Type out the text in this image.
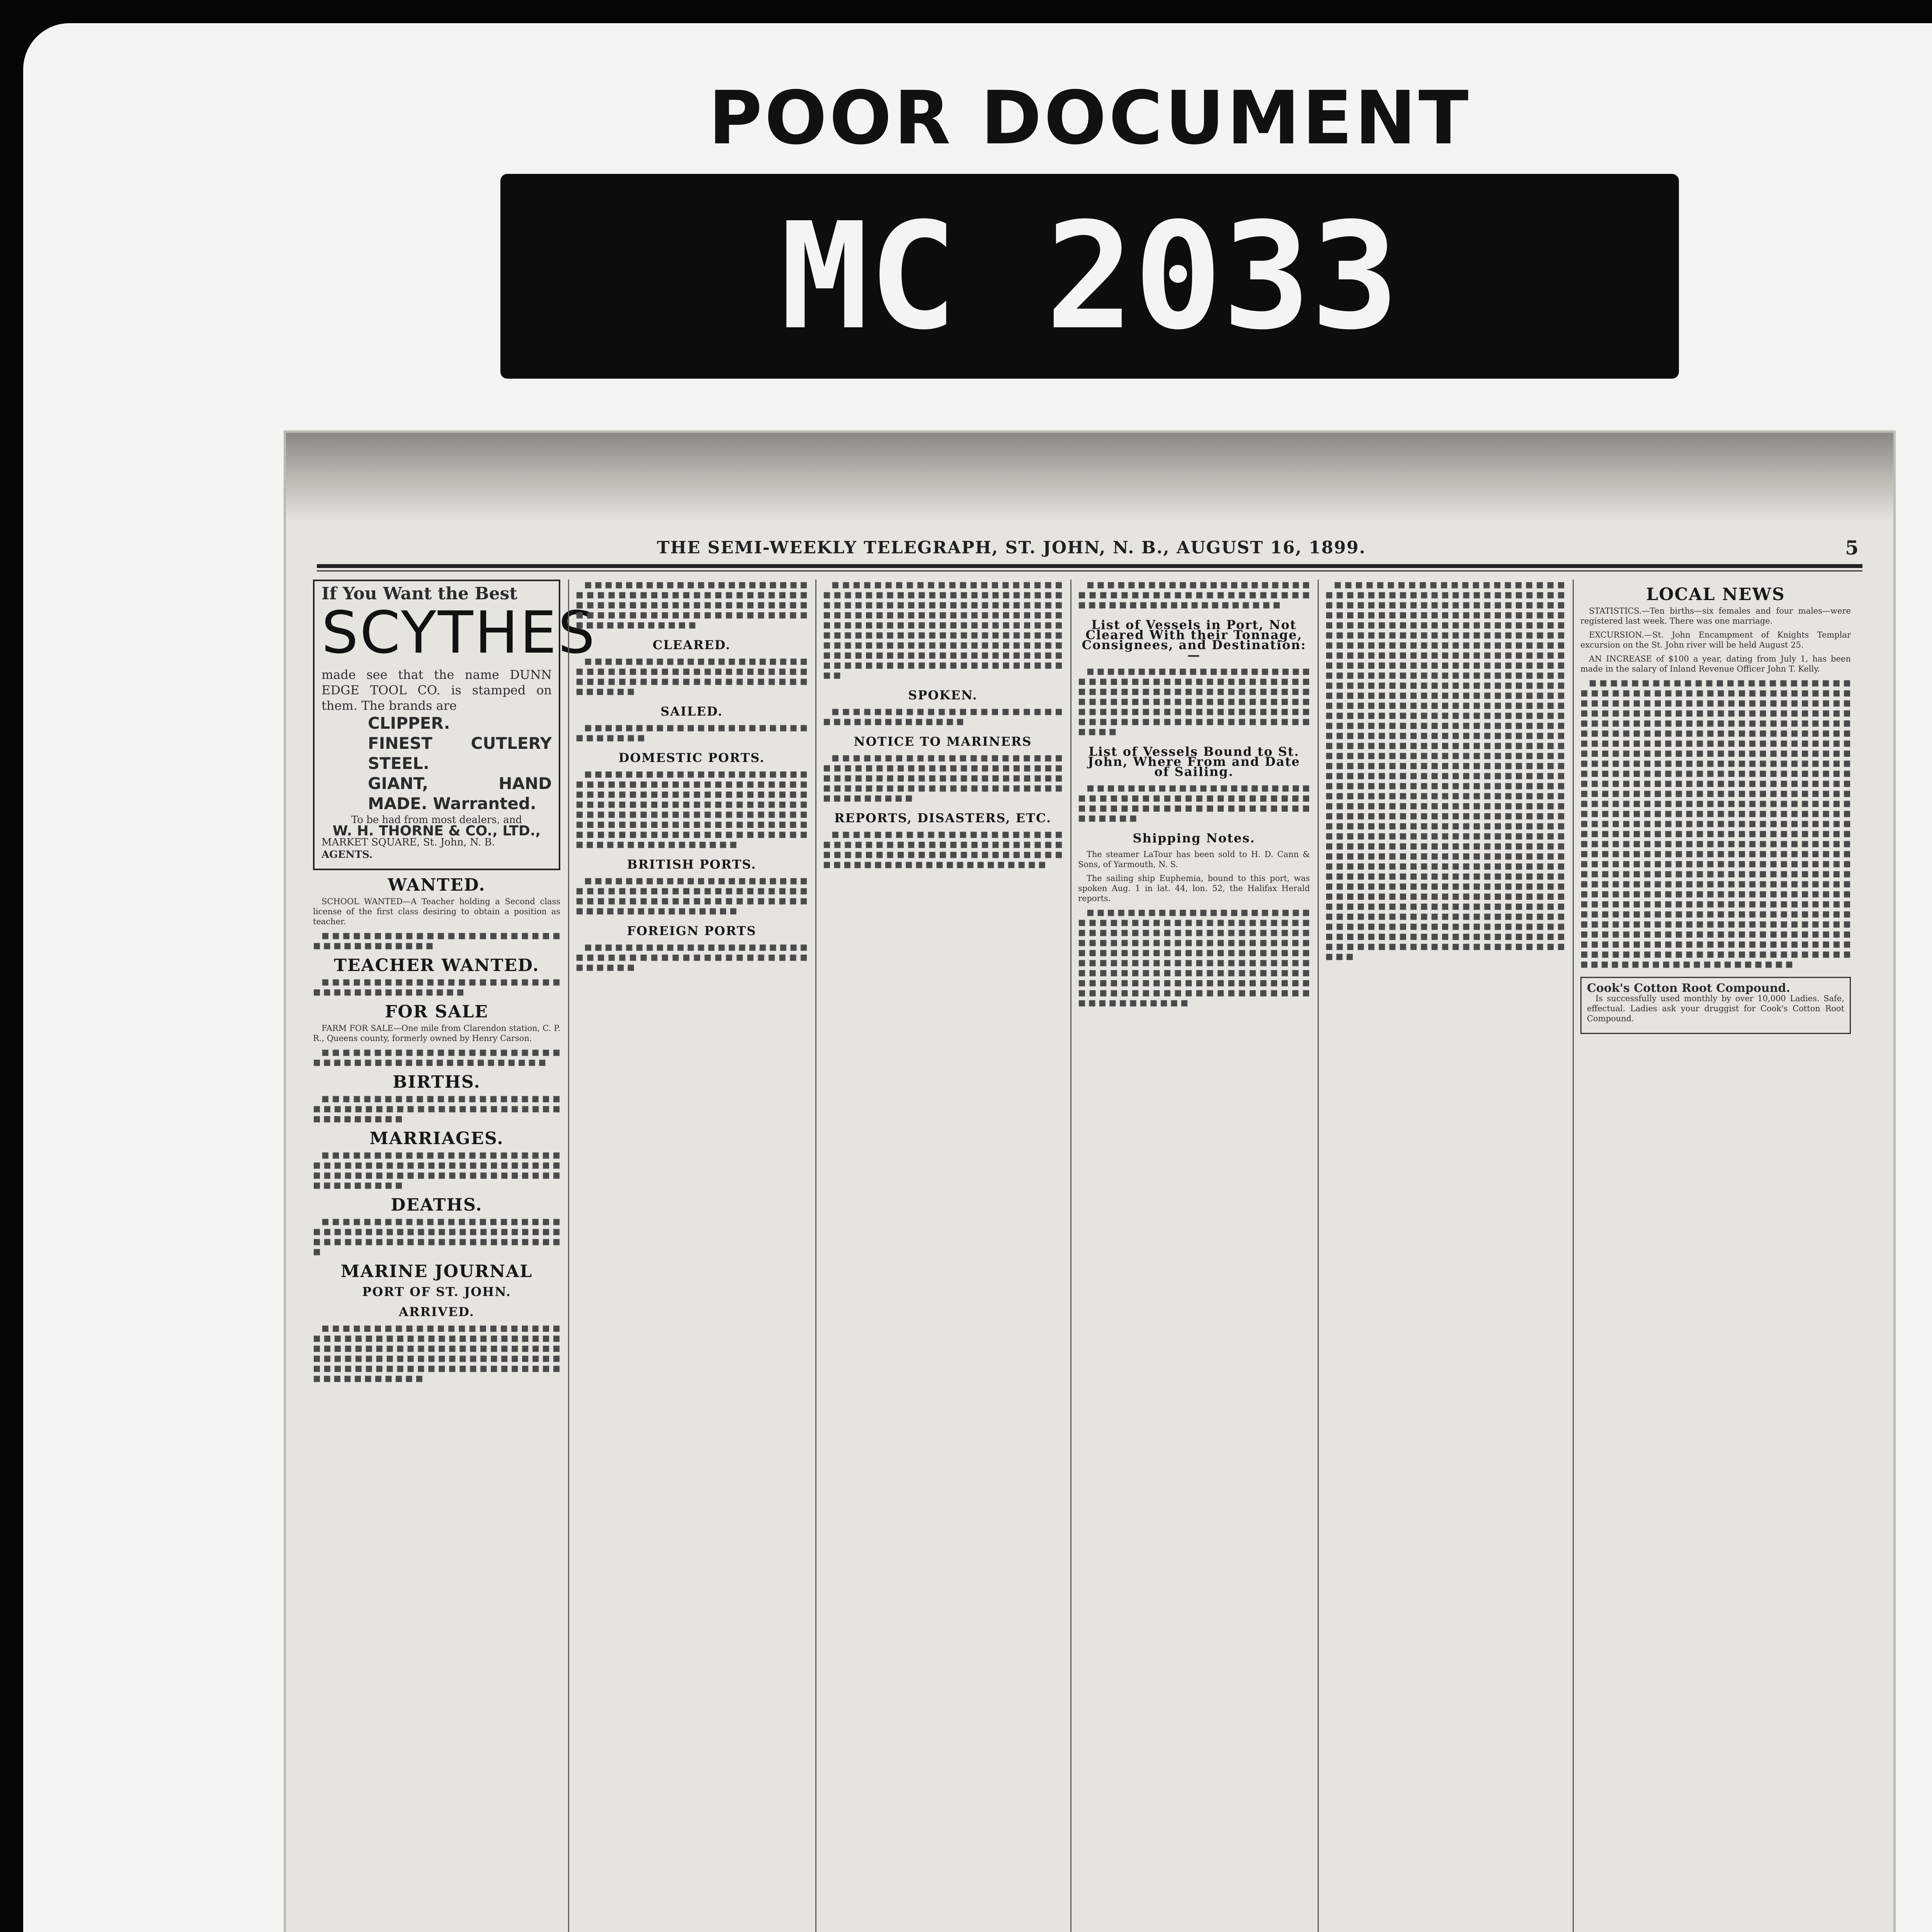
POOR DOCUMENT
MC 2033
THE SEMI-WEEKLY TELEGRAPH, ST. JOHN, N. B., AUGUST 16, 1899.	5
If You Want the Best
SCYTHES
made see that the name DUNN EDGE TOOL CO. is stamped on them. The brands are
CLIPPER.
FINEST CUTLERY STEEL.
GIANT, HAND MADE. Warranted.
To be had from most dealers, and
W. H. THORNE & CO., LTD.,
MARKET SQUARE, St. John, N. B.
AGENTS.
WANTED.
SCHOOL WANTED—A Teacher holding a Second class license of the first class desiring to obtain a position as teacher.
■ ■ ■ ■ ■ ■ ■ ■ ■ ■ ■ ■ ■ ■ ■ ■ ■ ■ ■ ■ ■ ■ ■ ■ ■ ■ ■ ■ ■ ■ ■ ■ ■ ■ ■
TEACHER WANTED.
■ ■ ■ ■ ■ ■ ■ ■ ■ ■ ■ ■ ■ ■ ■ ■ ■ ■ ■ ■ ■ ■ ■ ■ ■ ■ ■ ■ ■ ■ ■ ■ ■ ■ ■ ■ ■ ■
FOR SALE
FARM FOR SALE—One mile from Clarendon station, C. P. R., Queens county, formerly owned by Henry Carson.
■ ■ ■ ■ ■ ■ ■ ■ ■ ■ ■ ■ ■ ■ ■ ■ ■ ■ ■ ■ ■ ■ ■ ■ ■ ■ ■ ■ ■ ■ ■ ■ ■ ■ ■ ■ ■ ■ ■ ■ ■ ■ ■ ■ ■ ■
BIRTHS.
■ ■ ■ ■ ■ ■ ■ ■ ■ ■ ■ ■ ■ ■ ■ ■ ■ ■ ■ ■ ■ ■ ■ ■ ■ ■ ■ ■ ■ ■ ■ ■ ■ ■ ■ ■ ■ ■ ■ ■ ■ ■ ■ ■ ■ ■ ■ ■ ■ ■ ■ ■ ■ ■ ■ ■
MARRIAGES.
■ ■ ■ ■ ■ ■ ■ ■ ■ ■ ■ ■ ■ ■ ■ ■ ■ ■ ■ ■ ■ ■ ■ ■ ■ ■ ■ ■ ■ ■ ■ ■ ■ ■ ■ ■ ■ ■ ■ ■ ■ ■ ■ ■ ■ ■ ■ ■ ■ ■ ■ ■ ■ ■ ■ ■ ■ ■ ■ ■ ■ ■ ■ ■ ■ ■ ■ ■ ■ ■ ■ ■ ■ ■ ■ ■ ■ ■ ■ ■
DEATHS.
■ ■ ■ ■ ■ ■ ■ ■ ■ ■ ■ ■ ■ ■ ■ ■ ■ ■ ■ ■ ■ ■ ■ ■ ■ ■ ■ ■ ■ ■ ■ ■ ■ ■ ■ ■ ■ ■ ■ ■ ■ ■ ■ ■ ■ ■ ■ ■ ■ ■ ■ ■ ■ ■ ■ ■ ■ ■ ■ ■ ■ ■ ■ ■ ■ ■ ■ ■ ■ ■ ■ ■
MARINE JOURNAL
PORT OF ST. JOHN.
ARRIVED.
■ ■ ■ ■ ■ ■ ■ ■ ■ ■ ■ ■ ■ ■ ■ ■ ■ ■ ■ ■ ■ ■ ■ ■ ■ ■ ■ ■ ■ ■ ■ ■ ■ ■ ■ ■ ■ ■ ■ ■ ■ ■ ■ ■ ■ ■ ■ ■ ■ ■ ■ ■ ■ ■ ■ ■ ■ ■ ■ ■ ■ ■ ■ ■ ■ ■ ■ ■ ■ ■ ■ ■ ■ ■ ■ ■ ■ ■ ■ ■ ■ ■ ■ ■ ■ ■ ■ ■ ■ ■ ■ ■ ■ ■ ■ ■ ■ ■ ■ ■ ■ ■ ■ ■ ■ ■ ■ ■ ■ ■ ■ ■ ■ ■ ■ ■ ■ ■ ■ ■ ■ ■ ■ ■ ■ ■ ■ ■ ■ ■
■ ■ ■ ■ ■ ■ ■ ■ ■ ■ ■ ■ ■ ■ ■ ■ ■ ■ ■ ■ ■ ■ ■ ■ ■ ■ ■ ■ ■ ■ ■ ■ ■ ■ ■ ■ ■ ■ ■ ■ ■ ■ ■ ■ ■ ■ ■ ■ ■ ■ ■ ■ ■ ■ ■ ■ ■ ■ ■ ■ ■ ■ ■ ■ ■ ■ ■ ■ ■ ■ ■ ■ ■ ■ ■ ■ ■ ■ ■ ■ ■ ■ ■ ■ ■ ■ ■ ■ ■ ■ ■ ■ ■ ■ ■ ■ ■ ■ ■ ■
CLEARED.
■ ■ ■ ■ ■ ■ ■ ■ ■ ■ ■ ■ ■ ■ ■ ■ ■ ■ ■ ■ ■ ■ ■ ■ ■ ■ ■ ■ ■ ■ ■ ■ ■ ■ ■ ■ ■ ■ ■ ■ ■ ■ ■ ■ ■ ■ ■ ■ ■ ■ ■ ■ ■ ■ ■ ■ ■ ■ ■ ■ ■ ■ ■ ■ ■ ■ ■ ■ ■ ■ ■ ■
SAILED.
■ ■ ■ ■ ■ ■ ■ ■ ■ ■ ■ ■ ■ ■ ■ ■ ■ ■ ■ ■ ■ ■ ■ ■ ■ ■ ■ ■ ■
DOMESTIC PORTS.
■ ■ ■ ■ ■ ■ ■ ■ ■ ■ ■ ■ ■ ■ ■ ■ ■ ■ ■ ■ ■ ■ ■ ■ ■ ■ ■ ■ ■ ■ ■ ■ ■ ■ ■ ■ ■ ■ ■ ■ ■ ■ ■ ■ ■ ■ ■ ■ ■ ■ ■ ■ ■ ■ ■ ■ ■ ■ ■ ■ ■ ■ ■ ■ ■ ■ ■ ■ ■ ■ ■ ■ ■ ■ ■ ■ ■ ■ ■ ■ ■ ■ ■ ■ ■ ■ ■ ■ ■ ■ ■ ■ ■ ■ ■ ■ ■ ■ ■ ■ ■ ■ ■ ■ ■ ■ ■ ■ ■ ■ ■ ■ ■ ■ ■ ■ ■ ■ ■ ■ ■ ■ ■ ■ ■ ■ ■ ■ ■ ■ ■ ■ ■ ■ ■ ■ ■ ■ ■ ■ ■ ■ ■ ■ ■ ■ ■ ■ ■ ■ ■ ■ ■ ■ ■ ■ ■ ■ ■ ■ ■ ■ ■ ■ ■ ■ ■ ■ ■ ■
BRITISH PORTS.
■ ■ ■ ■ ■ ■ ■ ■ ■ ■ ■ ■ ■ ■ ■ ■ ■ ■ ■ ■ ■ ■ ■ ■ ■ ■ ■ ■ ■ ■ ■ ■ ■ ■ ■ ■ ■ ■ ■ ■ ■ ■ ■ ■ ■ ■ ■ ■ ■ ■ ■ ■ ■ ■ ■ ■ ■ ■ ■ ■ ■ ■ ■ ■ ■ ■ ■ ■ ■ ■ ■ ■ ■ ■ ■ ■ ■ ■ ■ ■ ■ ■
FOREIGN PORTS
■ ■ ■ ■ ■ ■ ■ ■ ■ ■ ■ ■ ■ ■ ■ ■ ■ ■ ■ ■ ■ ■ ■ ■ ■ ■ ■ ■ ■ ■ ■ ■ ■ ■ ■ ■ ■ ■ ■ ■ ■ ■ ■ ■ ■ ■ ■ ■ ■ ■
■ ■ ■ ■ ■ ■ ■ ■ ■ ■ ■ ■ ■ ■ ■ ■ ■ ■ ■ ■ ■ ■ ■ ■ ■ ■ ■ ■ ■ ■ ■ ■ ■ ■ ■ ■ ■ ■ ■ ■ ■ ■ ■ ■ ■ ■ ■ ■ ■ ■ ■ ■ ■ ■ ■ ■ ■ ■ ■ ■ ■ ■ ■ ■ ■ ■ ■ ■ ■ ■ ■ ■ ■ ■ ■ ■ ■ ■ ■ ■ ■ ■ ■ ■ ■ ■ ■ ■ ■ ■ ■ ■ ■ ■ ■ ■ ■ ■ ■ ■ ■ ■ ■ ■ ■ ■ ■ ■ ■ ■ ■ ■ ■ ■ ■ ■ ■ ■ ■ ■ ■ ■ ■ ■ ■ ■ ■ ■ ■ ■ ■ ■ ■ ■ ■ ■ ■ ■ ■ ■ ■ ■ ■ ■ ■ ■ ■ ■ ■ ■ ■ ■ ■ ■ ■ ■ ■ ■ ■ ■ ■ ■ ■ ■ ■ ■ ■ ■ ■ ■ ■ ■ ■ ■ ■ ■ ■ ■ ■ ■ ■ ■ ■ ■ ■ ■ ■ ■ ■ ■ ■ ■ ■ ■ ■ ■ ■ ■ ■ ■ ■ ■ ■ ■ ■ ■ ■ ■
SPOKEN.
■ ■ ■ ■ ■ ■ ■ ■ ■ ■ ■ ■ ■ ■ ■ ■ ■ ■ ■ ■ ■ ■ ■ ■ ■ ■ ■ ■ ■ ■ ■ ■ ■ ■ ■ ■
NOTICE TO MARINERS
■ ■ ■ ■ ■ ■ ■ ■ ■ ■ ■ ■ ■ ■ ■ ■ ■ ■ ■ ■ ■ ■ ■ ■ ■ ■ ■ ■ ■ ■ ■ ■ ■ ■ ■ ■ ■ ■ ■ ■ ■ ■ ■ ■ ■ ■ ■ ■ ■ ■ ■ ■ ■ ■ ■ ■ ■ ■ ■ ■ ■ ■ ■ ■ ■ ■ ■ ■ ■ ■ ■ ■ ■ ■ ■ ■ ■ ■ ■ ■ ■ ■ ■ ■ ■ ■ ■ ■ ■ ■ ■ ■ ■ ■ ■ ■ ■ ■ ■ ■
REPORTS, DISASTERS, ETC.
■ ■ ■ ■ ■ ■ ■ ■ ■ ■ ■ ■ ■ ■ ■ ■ ■ ■ ■ ■ ■ ■ ■ ■ ■ ■ ■ ■ ■ ■ ■ ■ ■ ■ ■ ■ ■ ■ ■ ■ ■ ■ ■ ■ ■ ■ ■ ■ ■ ■ ■ ■ ■ ■ ■ ■ ■ ■ ■ ■ ■ ■ ■ ■ ■ ■ ■ ■ ■ ■ ■ ■ ■ ■ ■ ■ ■ ■ ■ ■ ■ ■ ■ ■ ■ ■ ■ ■ ■ ■
■ ■ ■ ■ ■ ■ ■ ■ ■ ■ ■ ■ ■ ■ ■ ■ ■ ■ ■ ■ ■ ■ ■ ■ ■ ■ ■ ■ ■ ■ ■ ■ ■ ■ ■ ■ ■ ■ ■ ■ ■ ■ ■ ■ ■ ■ ■ ■ ■ ■ ■ ■ ■ ■ ■ ■ ■ ■ ■ ■ ■ ■ ■ ■
List of Vessels in Port, Not Cleared With their Tonnage, Consignees, and Destination:—
■ ■ ■ ■ ■ ■ ■ ■ ■ ■ ■ ■ ■ ■ ■ ■ ■ ■ ■ ■ ■ ■ ■ ■ ■ ■ ■ ■ ■ ■ ■ ■ ■ ■ ■ ■ ■ ■ ■ ■ ■ ■ ■ ■ ■ ■ ■ ■ ■ ■ ■ ■ ■ ■ ■ ■ ■ ■ ■ ■ ■ ■ ■ ■ ■ ■ ■ ■ ■ ■ ■ ■ ■ ■ ■ ■ ■ ■ ■ ■ ■ ■ ■ ■ ■ ■ ■ ■ ■ ■ ■ ■ ■ ■ ■ ■ ■ ■ ■ ■ ■ ■ ■ ■ ■ ■ ■ ■ ■ ■ ■ ■ ■ ■ ■ ■ ■ ■ ■ ■ ■ ■ ■ ■ ■ ■ ■ ■ ■ ■ ■ ■ ■ ■ ■ ■
List of Vessels Bound to St. John, Where From and Date of Sailing.
■ ■ ■ ■ ■ ■ ■ ■ ■ ■ ■ ■ ■ ■ ■ ■ ■ ■ ■ ■ ■ ■ ■ ■ ■ ■ ■ ■ ■ ■ ■ ■ ■ ■ ■ ■ ■ ■ ■ ■ ■ ■ ■ ■ ■ ■ ■ ■ ■ ■ ■ ■ ■ ■ ■ ■ ■ ■ ■ ■ ■ ■ ■ ■ ■ ■ ■ ■ ■ ■ ■ ■
Shipping Notes.
The steamer LaTour has been sold to H. D. Cann & Sons, of Yarmouth, N. S.
The sailing ship Euphemia, bound to this port, was spoken Aug. 1 in lat. 44, lon. 52, the Halifax Herald reports.
■ ■ ■ ■ ■ ■ ■ ■ ■ ■ ■ ■ ■ ■ ■ ■ ■ ■ ■ ■ ■ ■ ■ ■ ■ ■ ■ ■ ■ ■ ■ ■ ■ ■ ■ ■ ■ ■ ■ ■ ■ ■ ■ ■ ■ ■ ■ ■ ■ ■ ■ ■ ■ ■ ■ ■ ■ ■ ■ ■ ■ ■ ■ ■ ■ ■ ■ ■ ■ ■ ■ ■ ■ ■ ■ ■ ■ ■ ■ ■ ■ ■ ■ ■ ■ ■ ■ ■ ■ ■ ■ ■ ■ ■ ■ ■ ■ ■ ■ ■ ■ ■ ■ ■ ■ ■ ■ ■ ■ ■ ■ ■ ■ ■ ■ ■ ■ ■ ■ ■ ■ ■ ■ ■ ■ ■ ■ ■ ■ ■ ■ ■ ■ ■ ■ ■ ■ ■ ■ ■ ■ ■ ■ ■ ■ ■ ■ ■ ■ ■ ■ ■ ■ ■ ■ ■ ■ ■ ■ ■ ■ ■ ■ ■ ■ ■ ■ ■ ■ ■ ■ ■ ■ ■ ■ ■ ■ ■ ■ ■ ■ ■ ■ ■ ■ ■ ■ ■ ■ ■ ■ ■ ■ ■ ■ ■ ■ ■ ■ ■ ■ ■ ■ ■ ■ ■ ■ ■ ■
■ ■ ■ ■ ■ ■ ■ ■ ■ ■ ■ ■ ■ ■ ■ ■ ■ ■ ■ ■ ■ ■ ■ ■ ■ ■ ■ ■ ■ ■ ■ ■ ■ ■ ■ ■ ■ ■ ■ ■ ■ ■ ■ ■ ■ ■ ■ ■ ■ ■ ■ ■ ■ ■ ■ ■ ■ ■ ■ ■ ■ ■ ■ ■ ■ ■ ■ ■ ■ ■ ■ ■ ■ ■ ■ ■ ■ ■ ■ ■ ■ ■ ■ ■ ■ ■ ■ ■ ■ ■ ■ ■ ■ ■ ■ ■ ■ ■ ■ ■ ■ ■ ■ ■ ■ ■ ■ ■ ■ ■ ■ ■ ■ ■ ■ ■ ■ ■ ■ ■ ■ ■ ■ ■ ■ ■ ■ ■ ■ ■ ■ ■ ■ ■ ■ ■ ■ ■ ■ ■ ■ ■ ■ ■ ■ ■ ■ ■ ■ ■ ■ ■ ■ ■ ■ ■ ■ ■ ■ ■ ■ ■ ■ ■ ■ ■ ■ ■ ■ ■ ■ ■ ■ ■ ■ ■ ■ ■ ■ ■ ■ ■ ■ ■ ■ ■ ■ ■ ■ ■ ■ ■ ■ ■ ■ ■ ■ ■ ■ ■ ■ ■ ■ ■ ■ ■ ■ ■ ■ ■ ■ ■ ■ ■ ■ ■ ■ ■ ■ ■ ■ ■ ■ ■ ■ ■ ■ ■ ■ ■ ■ ■ ■ ■ ■ ■ ■ ■ ■ ■ ■ ■ ■ ■ ■ ■ ■ ■ ■ ■ ■ ■ ■ ■ ■ ■ ■ ■ ■ ■ ■ ■ ■ ■ ■ ■ ■ ■ ■ ■ ■ ■ ■ ■ ■ ■ ■ ■ ■ ■ ■ ■ ■ ■ ■ ■ ■ ■ ■ ■ ■ ■ ■ ■ ■ ■ ■ ■ ■ ■ ■ ■ ■ ■ ■ ■ ■ ■ ■ ■ ■ ■ ■ ■ ■ ■ ■ ■ ■ ■ ■ ■ ■ ■ ■ ■ ■ ■ ■ ■ ■ ■ ■ ■ ■ ■ ■ ■ ■ ■ ■ ■ ■ ■ ■ ■ ■ ■ ■ ■ ■ ■ ■ ■ ■ ■ ■ ■ ■ ■ ■ ■ ■ ■ ■ ■ ■ ■ ■ ■ ■ ■ ■ ■ ■ ■ ■ ■ ■ ■ ■ ■ ■ ■ ■ ■ ■ ■ ■ ■ ■ ■ ■ ■ ■ ■ ■ ■ ■ ■ ■ ■ ■ ■ ■ ■ ■ ■ ■ ■ ■ ■ ■ ■ ■ ■ ■ ■ ■ ■ ■ ■ ■ ■ ■ ■ ■ ■ ■ ■ ■ ■ ■ ■ ■ ■ ■ ■ ■ ■ ■ ■ ■ ■ ■ ■ ■ ■ ■ ■ ■ ■ ■ ■ ■ ■ ■ ■ ■ ■ ■ ■ ■ ■ ■ ■ ■ ■ ■ ■ ■ ■ ■ ■ ■ ■ ■ ■ ■ ■ ■ ■ ■ ■ ■ ■ ■ ■ ■ ■ ■ ■ ■ ■ ■ ■ ■ ■ ■ ■ ■ ■ ■ ■ ■ ■ ■ ■ ■ ■ ■ ■ ■ ■ ■ ■ ■ ■ ■ ■ ■ ■ ■ ■ ■ ■ ■ ■ ■ ■ ■ ■ ■ ■ ■ ■ ■ ■ ■ ■ ■ ■ ■ ■ ■ ■ ■ ■ ■ ■ ■ ■ ■ ■ ■ ■ ■ ■ ■ ■ ■ ■ ■ ■ ■ ■ ■ ■ ■ ■ ■ ■ ■ ■ ■ ■ ■ ■ ■ ■ ■ ■ ■ ■ ■ ■ ■ ■ ■ ■ ■ ■ ■ ■ ■ ■ ■ ■ ■ ■ ■ ■ ■ ■ ■ ■ ■ ■ ■ ■ ■ ■ ■ ■ ■ ■ ■ ■ ■ ■ ■ ■ ■ ■ ■ ■ ■ ■ ■ ■ ■ ■ ■ ■ ■ ■ ■ ■ ■ ■ ■ ■ ■ ■ ■ ■ ■ ■ ■ ■ ■ ■ ■ ■ ■ ■ ■ ■ ■ ■ ■ ■ ■ ■ ■ ■ ■ ■ ■ ■ ■ ■ ■ ■ ■ ■ ■ ■ ■ ■ ■ ■ ■ ■ ■ ■ ■ ■ ■ ■ ■ ■ ■ ■ ■ ■ ■ ■ ■ ■ ■ ■ ■ ■ ■ ■ ■ ■ ■ ■ ■ ■ ■ ■ ■ ■ ■ ■ ■ ■ ■ ■ ■ ■ ■ ■ ■ ■ ■ ■ ■ ■ ■ ■ ■ ■ ■ ■ ■ ■ ■ ■ ■ ■ ■ ■ ■ ■ ■ ■ ■ ■ ■ ■ ■ ■ ■ ■ ■ ■ ■ ■ ■ ■ ■ ■ ■ ■ ■ ■ ■ ■ ■ ■ ■ ■ ■ ■ ■ ■ ■ ■ ■ ■ ■ ■ ■ ■ ■ ■ ■ ■ ■ ■ ■ ■ ■ ■ ■ ■ ■ ■ ■ ■ ■ ■ ■ ■ ■ ■ ■ ■ ■ ■ ■ ■ ■ ■ ■ ■ ■ ■ ■ ■ ■ ■ ■ ■ ■ ■ ■ ■ ■ ■ ■ ■ ■ ■ ■ ■ ■ ■ ■ ■ ■ ■ ■ ■ ■ ■ ■ ■ ■
LOCAL NEWS
STATISTICS.—Ten births—six females and four males—were registered last week. There was one marriage.
EXCURSION.—St. John Encampment of Knights Templar excursion on the St. John river will be held August 25.
AN INCREASE of $100 a year, dating from July 1, has been made in the salary of Inland Revenue Officer John T. Kelly.
■ ■ ■ ■ ■ ■ ■ ■ ■ ■ ■ ■ ■ ■ ■ ■ ■ ■ ■ ■ ■ ■ ■ ■ ■ ■ ■ ■ ■ ■ ■ ■ ■ ■ ■ ■ ■ ■ ■ ■ ■ ■ ■ ■ ■ ■ ■ ■ ■ ■ ■ ■ ■ ■ ■ ■ ■ ■ ■ ■ ■ ■ ■ ■ ■ ■ ■ ■ ■ ■ ■ ■ ■ ■ ■ ■ ■ ■ ■ ■ ■ ■ ■ ■ ■ ■ ■ ■ ■ ■ ■ ■ ■ ■ ■ ■ ■ ■ ■ ■ ■ ■ ■ ■ ■ ■ ■ ■ ■ ■ ■ ■ ■ ■ ■ ■ ■ ■ ■ ■ ■ ■ ■ ■ ■ ■ ■ ■ ■ ■ ■ ■ ■ ■ ■ ■ ■ ■ ■ ■ ■ ■ ■ ■ ■ ■ ■ ■ ■ ■ ■ ■ ■ ■ ■ ■ ■ ■ ■ ■ ■ ■ ■ ■ ■ ■ ■ ■ ■ ■ ■ ■ ■ ■ ■ ■ ■ ■ ■ ■ ■ ■ ■ ■ ■ ■ ■ ■ ■ ■ ■ ■ ■ ■ ■ ■ ■ ■ ■ ■ ■ ■ ■ ■ ■ ■ ■ ■ ■ ■ ■ ■ ■ ■ ■ ■ ■ ■ ■ ■ ■ ■ ■ ■ ■ ■ ■ ■ ■ ■ ■ ■ ■ ■ ■ ■ ■ ■ ■ ■ ■ ■ ■ ■ ■ ■ ■ ■ ■ ■ ■ ■ ■ ■ ■ ■ ■ ■ ■ ■ ■ ■ ■ ■ ■ ■ ■ ■ ■ ■ ■ ■ ■ ■ ■ ■ ■ ■ ■ ■ ■ ■ ■ ■ ■ ■ ■ ■ ■ ■ ■ ■ ■ ■ ■ ■ ■ ■ ■ ■ ■ ■ ■ ■ ■ ■ ■ ■ ■ ■ ■ ■ ■ ■ ■ ■ ■ ■ ■ ■ ■ ■ ■ ■ ■ ■ ■ ■ ■ ■ ■ ■ ■ ■ ■ ■ ■ ■ ■ ■ ■ ■ ■ ■ ■ ■ ■ ■ ■ ■ ■ ■ ■ ■ ■ ■ ■ ■ ■ ■ ■ ■ ■ ■ ■ ■ ■ ■ ■ ■ ■ ■ ■ ■ ■ ■ ■ ■ ■ ■ ■ ■ ■ ■ ■ ■ ■ ■ ■ ■ ■ ■ ■ ■ ■ ■ ■ ■ ■ ■ ■ ■ ■ ■ ■ ■ ■ ■ ■ ■ ■ ■ ■ ■ ■ ■ ■ ■ ■ ■ ■ ■ ■ ■ ■ ■ ■ ■ ■ ■ ■ ■ ■ ■ ■ ■ ■ ■ ■ ■ ■ ■ ■ ■ ■ ■ ■ ■ ■ ■ ■ ■ ■ ■ ■ ■ ■ ■ ■ ■ ■ ■ ■ ■ ■ ■ ■ ■ ■ ■ ■ ■ ■ ■ ■ ■ ■ ■ ■ ■ ■ ■ ■ ■ ■ ■ ■ ■ ■ ■ ■ ■ ■ ■ ■ ■ ■ ■ ■ ■ ■ ■ ■ ■ ■ ■ ■ ■ ■ ■ ■ ■ ■ ■ ■ ■ ■ ■ ■ ■ ■ ■ ■ ■ ■ ■ ■ ■ ■ ■ ■ ■ ■ ■ ■ ■ ■ ■ ■ ■ ■ ■ ■ ■ ■ ■ ■ ■ ■ ■ ■ ■ ■ ■ ■ ■ ■ ■ ■ ■ ■ ■ ■ ■ ■ ■ ■ ■ ■ ■ ■ ■ ■ ■ ■ ■ ■ ■ ■ ■ ■ ■ ■ ■ ■ ■ ■ ■ ■ ■ ■ ■ ■ ■ ■ ■ ■ ■ ■ ■ ■ ■ ■ ■ ■ ■ ■ ■ ■ ■ ■ ■ ■ ■ ■ ■ ■ ■ ■ ■ ■ ■ ■ ■ ■ ■ ■ ■ ■ ■ ■ ■ ■ ■ ■ ■ ■ ■ ■ ■ ■ ■ ■ ■ ■ ■ ■ ■ ■ ■ ■ ■ ■ ■ ■ ■ ■ ■ ■ ■ ■ ■ ■ ■ ■ ■ ■ ■ ■ ■ ■ ■ ■ ■ ■ ■ ■ ■ ■ ■ ■ ■ ■ ■ ■ ■ ■ ■ ■ ■ ■ ■ ■ ■ ■ ■ ■ ■ ■ ■ ■ ■ ■ ■ ■ ■ ■ ■ ■ ■ ■ ■ ■ ■ ■ ■ ■ ■ ■ ■ ■ ■ ■ ■ ■ ■ ■ ■ ■ ■ ■ ■ ■ ■ ■ ■ ■ ■ ■ ■ ■ ■ ■ ■ ■ ■ ■ ■
Cook's Cotton Root Compound.
Is successfully used monthly by over 10,000 Ladies. Safe, effectual. Ladies ask your druggist for Cook's Cotton Root Compound.
